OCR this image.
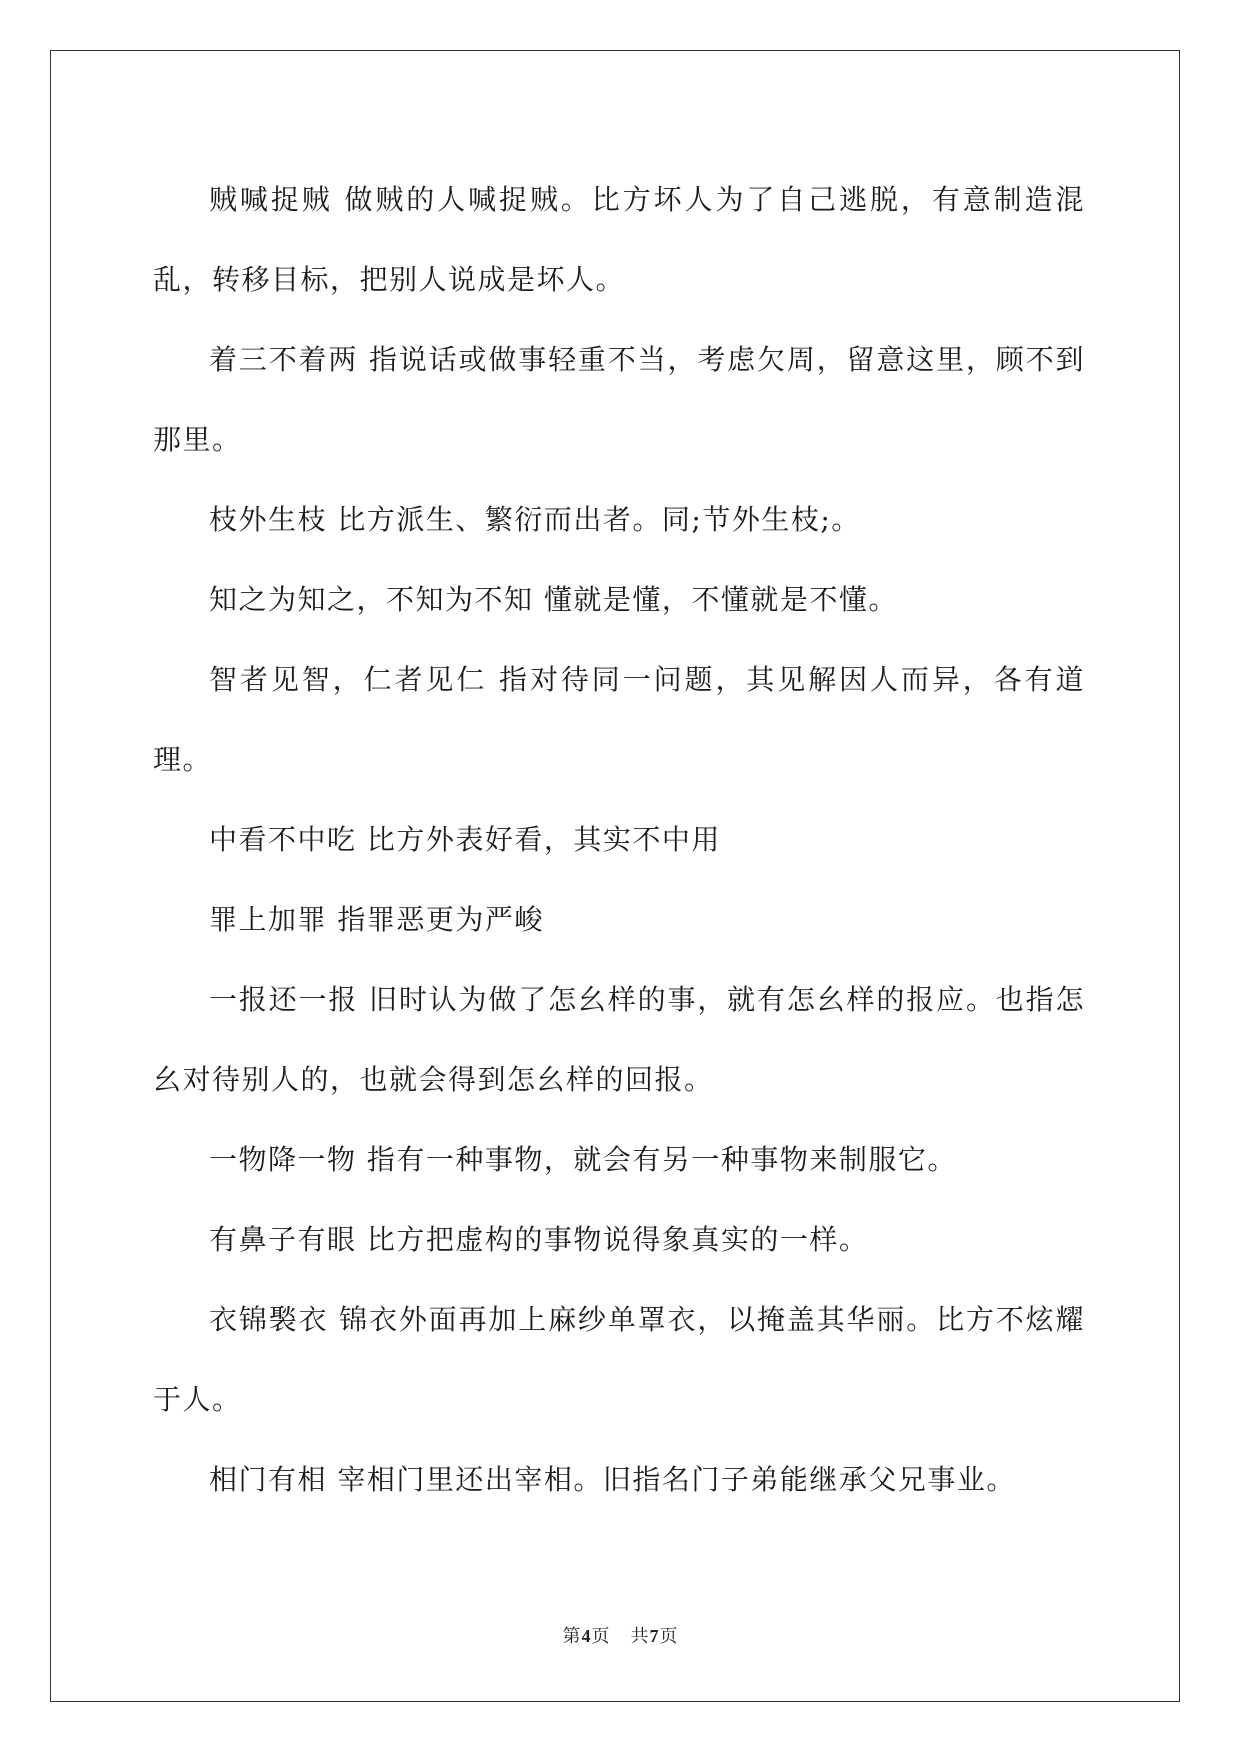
贼喊捉贼 做贼的人喊捉贼。比方坏人为了自己逃脱，有意制造混乱，转移目标，把别人说成是坏人。

着三不着两 指说话或做事轻重不当，考虑欠周，留意这里，顾不到那里。

枝外生枝 比方派生、繁衍而出者。同;节外生枝;。

知之为知之，不知为不知 懂就是懂，不懂就是不懂。

智者见智，仁者见仁 指对待同一问题，其见解因人而异，各有道理。

中看不中吃 比方外表好看，其实不中用

罪上加罪 指罪恶更为严峻

一报还一报 旧时认为做了怎幺样的事，就有怎幺样的报应。也指怎幺对待别人的，也就会得到怎幺样的回报。

一物降一物 指有一种事物，就会有另一种事物来制服它。

有鼻子有眼 比方把虚构的事物说得象真实的一样。

衣锦褧衣 锦衣外面再加上麻纱单罩衣，以掩盖其华丽。比方不炫耀于人。

相门有相 宰相门里还出宰相。旧指名门子弟能继承父兄事业。

第4页 共7页
